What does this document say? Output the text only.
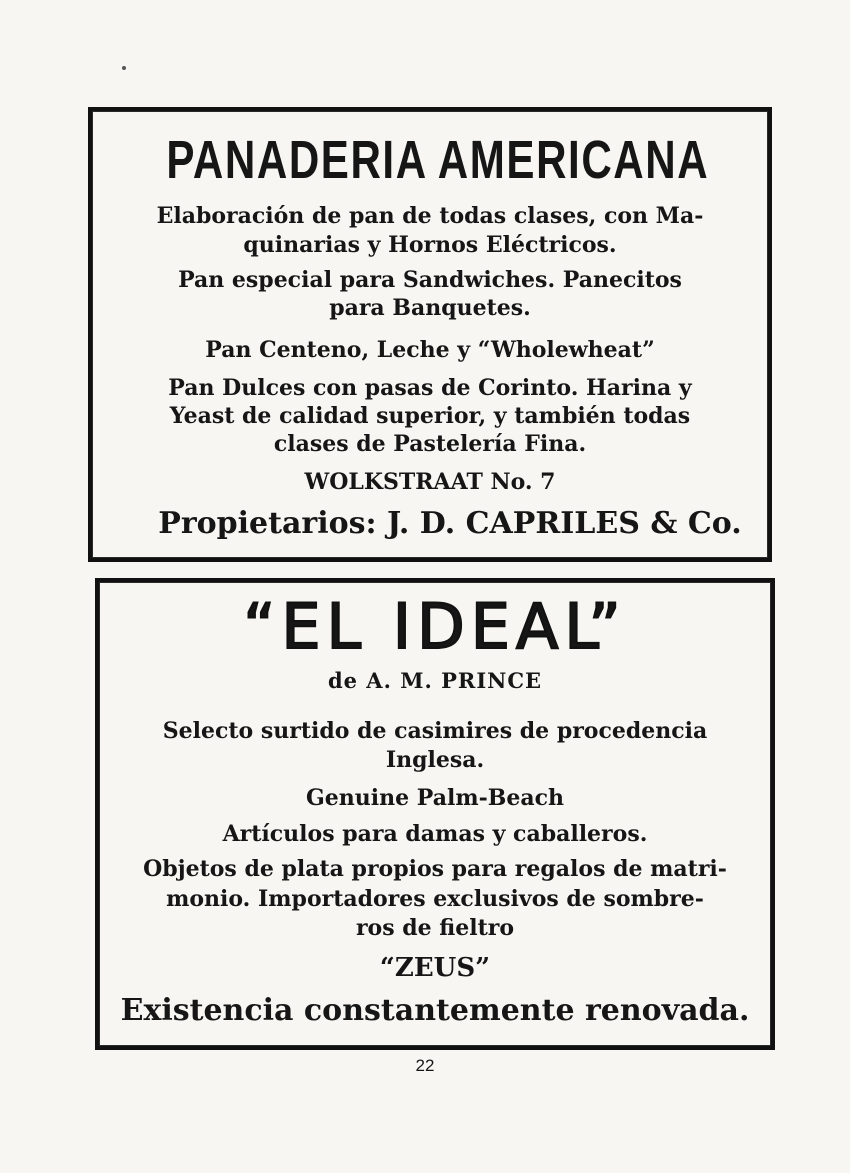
PANADERIA AMERICANA
Elaboración de pan de todas clases, con Ma-
quinarias y Hornos Eléctricos.
Pan especial para Sandwiches. Panecitos
para Banquetes.
Pan Centeno, Leche y “Wholewheat”
Pan Dulces con pasas de Corinto. Harina y
Yeast de calidad superior, y también todas
clases de Pastelería Fina.
WOLKSTRAAT No. 7
Propietarios: J. D. CAPRILES & Co.
“EL IDEAL”
de A. M. PRINCE
Selecto surtido de casimires de procedencia
Inglesa.
Genuine Palm-Beach
Artículos para damas y caballeros.
Objetos de plata propios para regalos de matri-
monio. Importadores exclusivos de sombre-
ros de fieltro
“ZEUS”
Existencia constantemente renovada.
22
